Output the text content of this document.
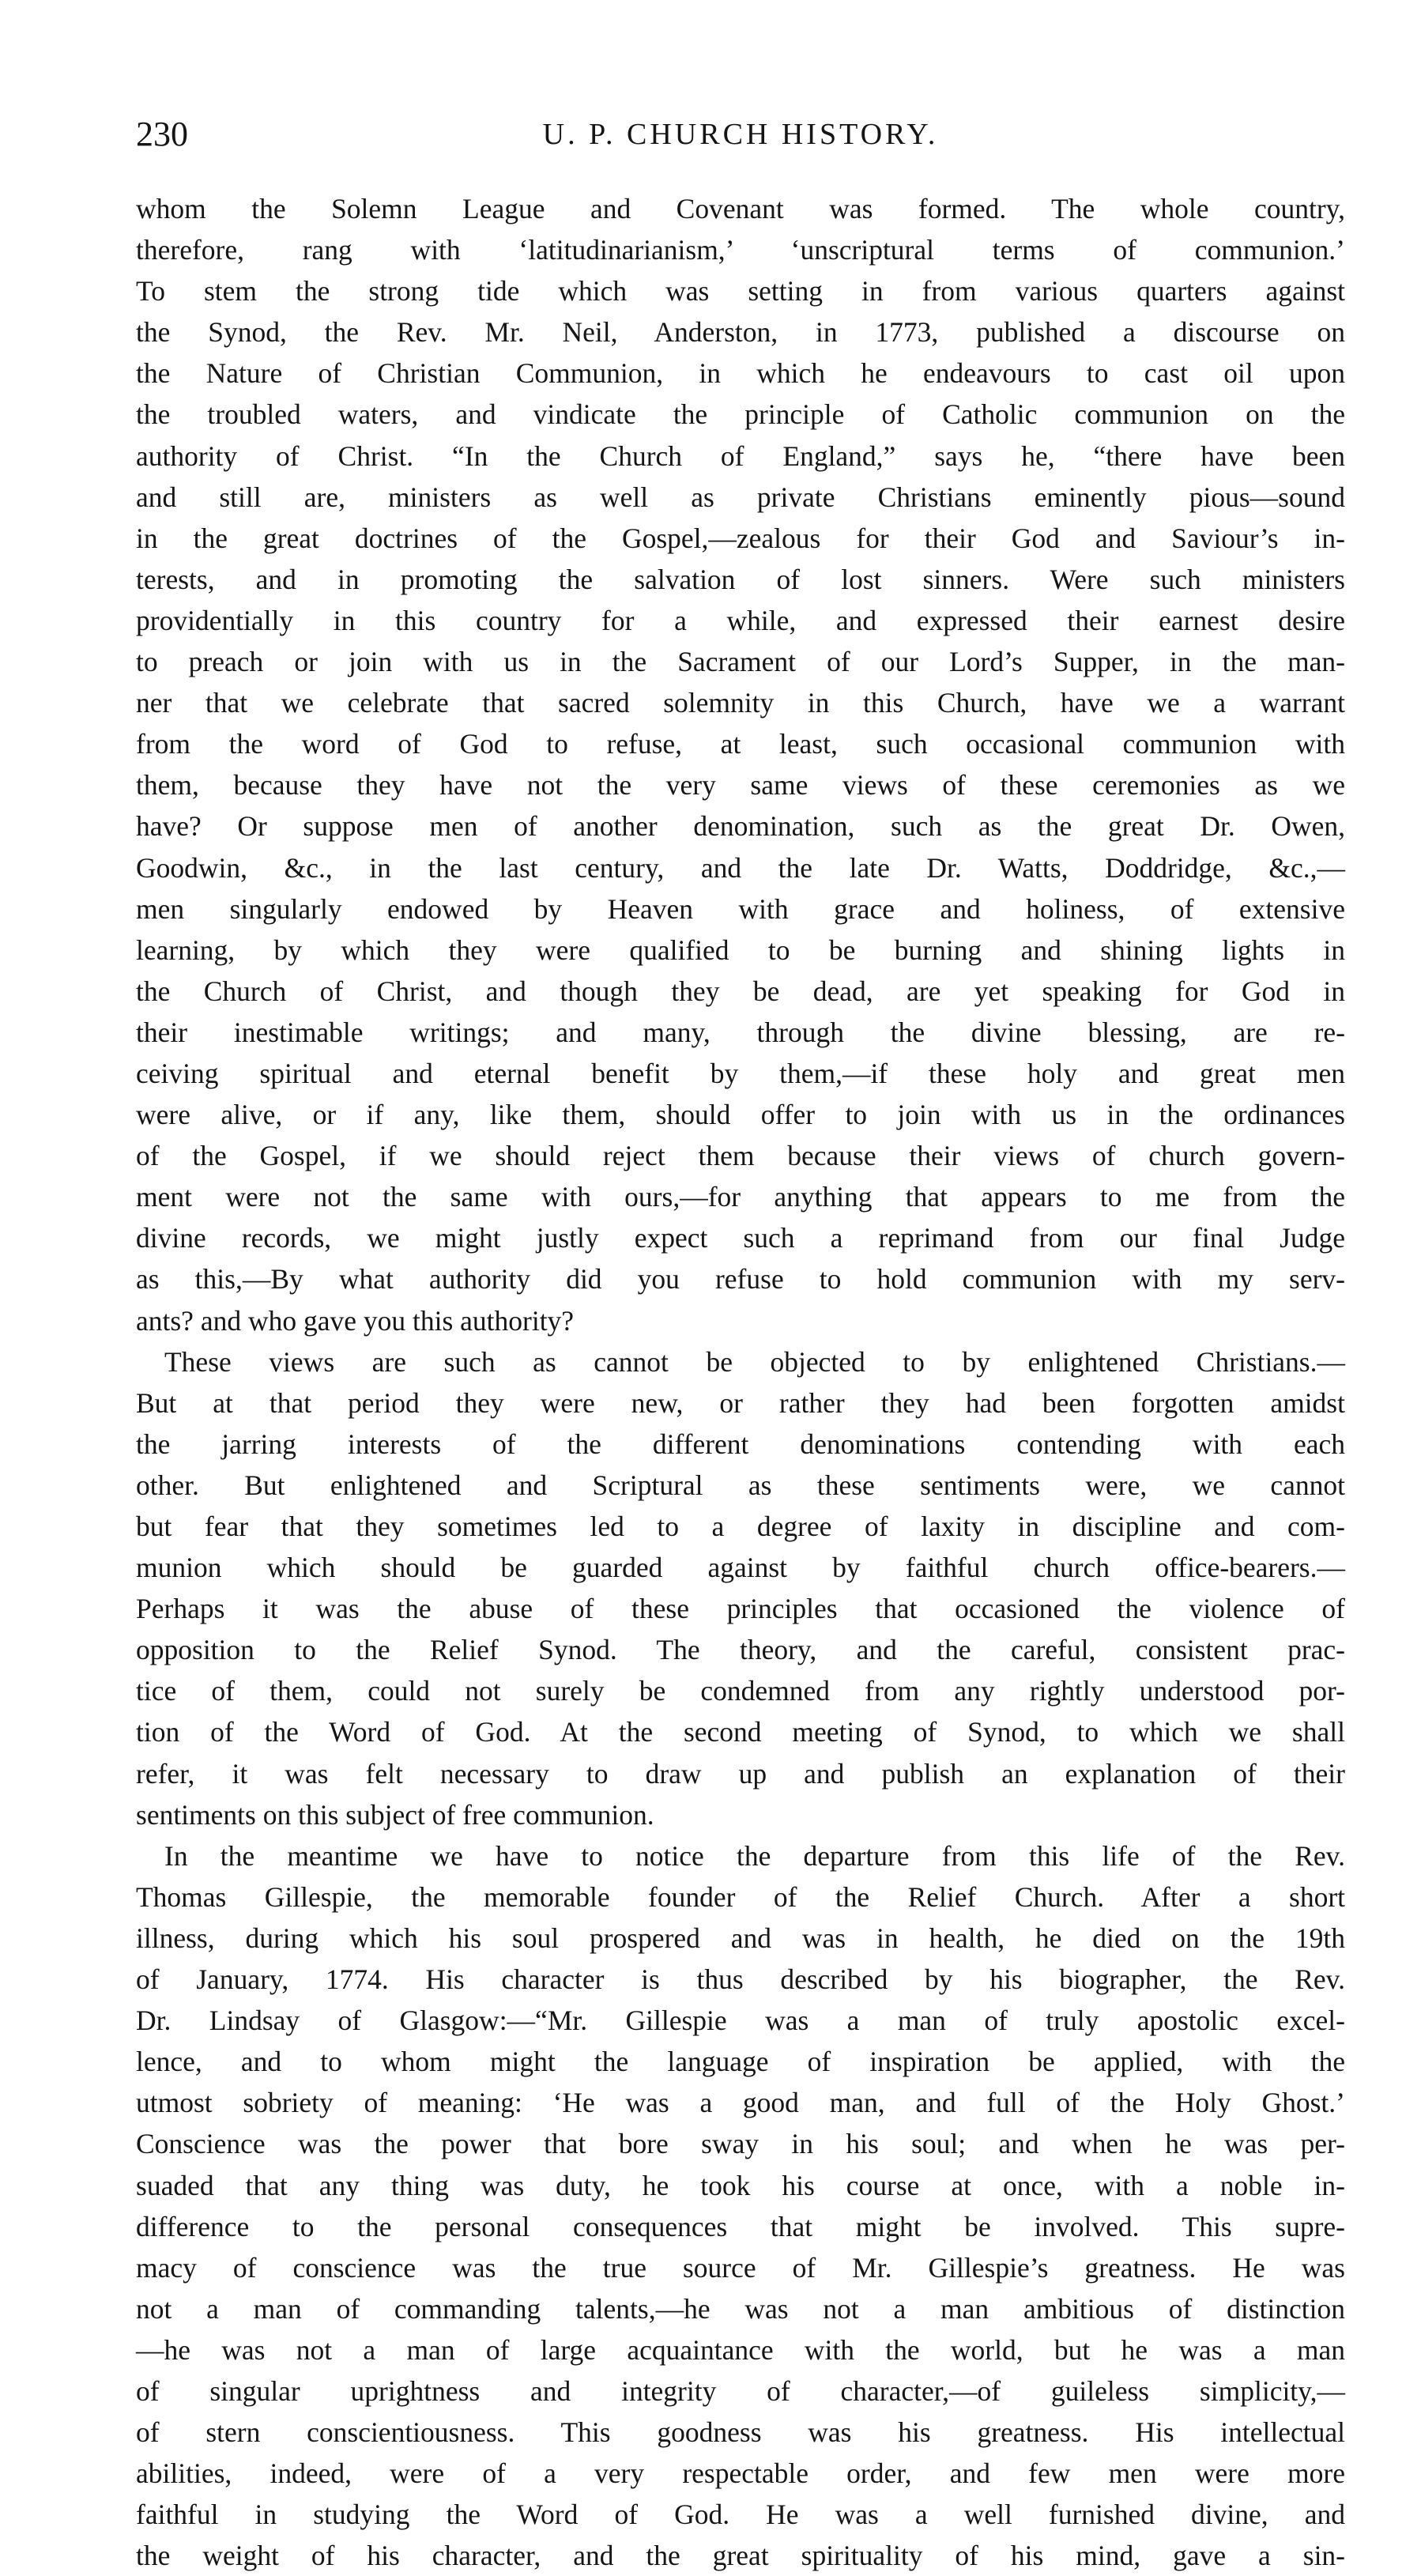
230	U. P. CHURCH HISTORY.
whom the Solemn League and Covenant was formed. The whole country,
therefore, rang with ‘latitudinarianism,’ ‘unscriptural terms of communion.’
To stem the strong tide which was setting in from various quarters against
the Synod, the Rev. Mr. Neil, Anderston, in 1773, published a discourse on
the Nature of Christian Communion, in which he endeavours to cast oil upon
the troubled waters, and vindicate the principle of Catholic communion on the
authority of Christ. “In the Church of England,” says he, “there have been
and still are, ministers as well as private Christians eminently pious—sound
in the great doctrines of the Gospel,—zealous for their God and Saviour’s in-
terests, and in promoting the salvation of lost sinners. Were such ministers
providentially in this country for a while, and expressed their earnest desire
to preach or join with us in the Sacrament of our Lord’s Supper, in the man-
ner that we celebrate that sacred solemnity in this Church, have we a warrant
from the word of God to refuse, at least, such occasional communion with
them, because they have not the very same views of these ceremonies as we
have? Or suppose men of another denomination, such as the great Dr. Owen,
Goodwin, &c., in the last century, and the late Dr. Watts, Doddridge, &c.,—
men singularly endowed by Heaven with grace and holiness, of extensive
learning, by which they were qualified to be burning and shining lights in
the Church of Christ, and though they be dead, are yet speaking for God in
their inestimable writings; and many, through the divine blessing, are re-
ceiving spiritual and eternal benefit by them,—if these holy and great men
were alive, or if any, like them, should offer to join with us in the ordinances
of the Gospel, if we should reject them because their views of church govern-
ment were not the same with ours,—for anything that appears to me from the
divine records, we might justly expect such a reprimand from our final Judge
as this,—By what authority did you refuse to hold communion with my serv-
ants? and who gave you this authority?
These views are such as cannot be objected to by enlightened Christians.—
But at that period they were new, or rather they had been forgotten amidst
the jarring interests of the different denominations contending with each
other. But enlightened and Scriptural as these sentiments were, we cannot
but fear that they sometimes led to a degree of laxity in discipline and com-
munion which should be guarded against by faithful church office-bearers.—
Perhaps it was the abuse of these principles that occasioned the violence of
opposition to the Relief Synod. The theory, and the careful, consistent prac-
tice of them, could not surely be condemned from any rightly understood por-
tion of the Word of God. At the second meeting of Synod, to which we shall
refer, it was felt necessary to draw up and publish an explanation of their
sentiments on this subject of free communion.
In the meantime we have to notice the departure from this life of the Rev.
Thomas Gillespie, the memorable founder of the Relief Church. After a short
illness, during which his soul prospered and was in health, he died on the 19th
of January, 1774. His character is thus described by his biographer, the Rev.
Dr. Lindsay of Glasgow:—“Mr. Gillespie was a man of truly apostolic excel-
lence, and to whom might the language of inspiration be applied, with the
utmost sobriety of meaning: ‘He was a good man, and full of the Holy Ghost.’
Conscience was the power that bore sway in his soul; and when he was per-
suaded that any thing was duty, he took his course at once, with a noble in-
difference to the personal consequences that might be involved. This supre-
macy of conscience was the true source of Mr. Gillespie’s greatness. He was
not a man of commanding talents,—he was not a man ambitious of distinction
—he was not a man of large acquaintance with the world, but he was a man
of singular uprightness and integrity of character,—of guileless simplicity,—
of stern conscientiousness. This goodness was his greatness. His intellectual
abilities, indeed, were of a very respectable order, and few men were more
faithful in studying the Word of God. He was a well furnished divine, and
the weight of his character, and the great spirituality of his mind, gave a sin-
